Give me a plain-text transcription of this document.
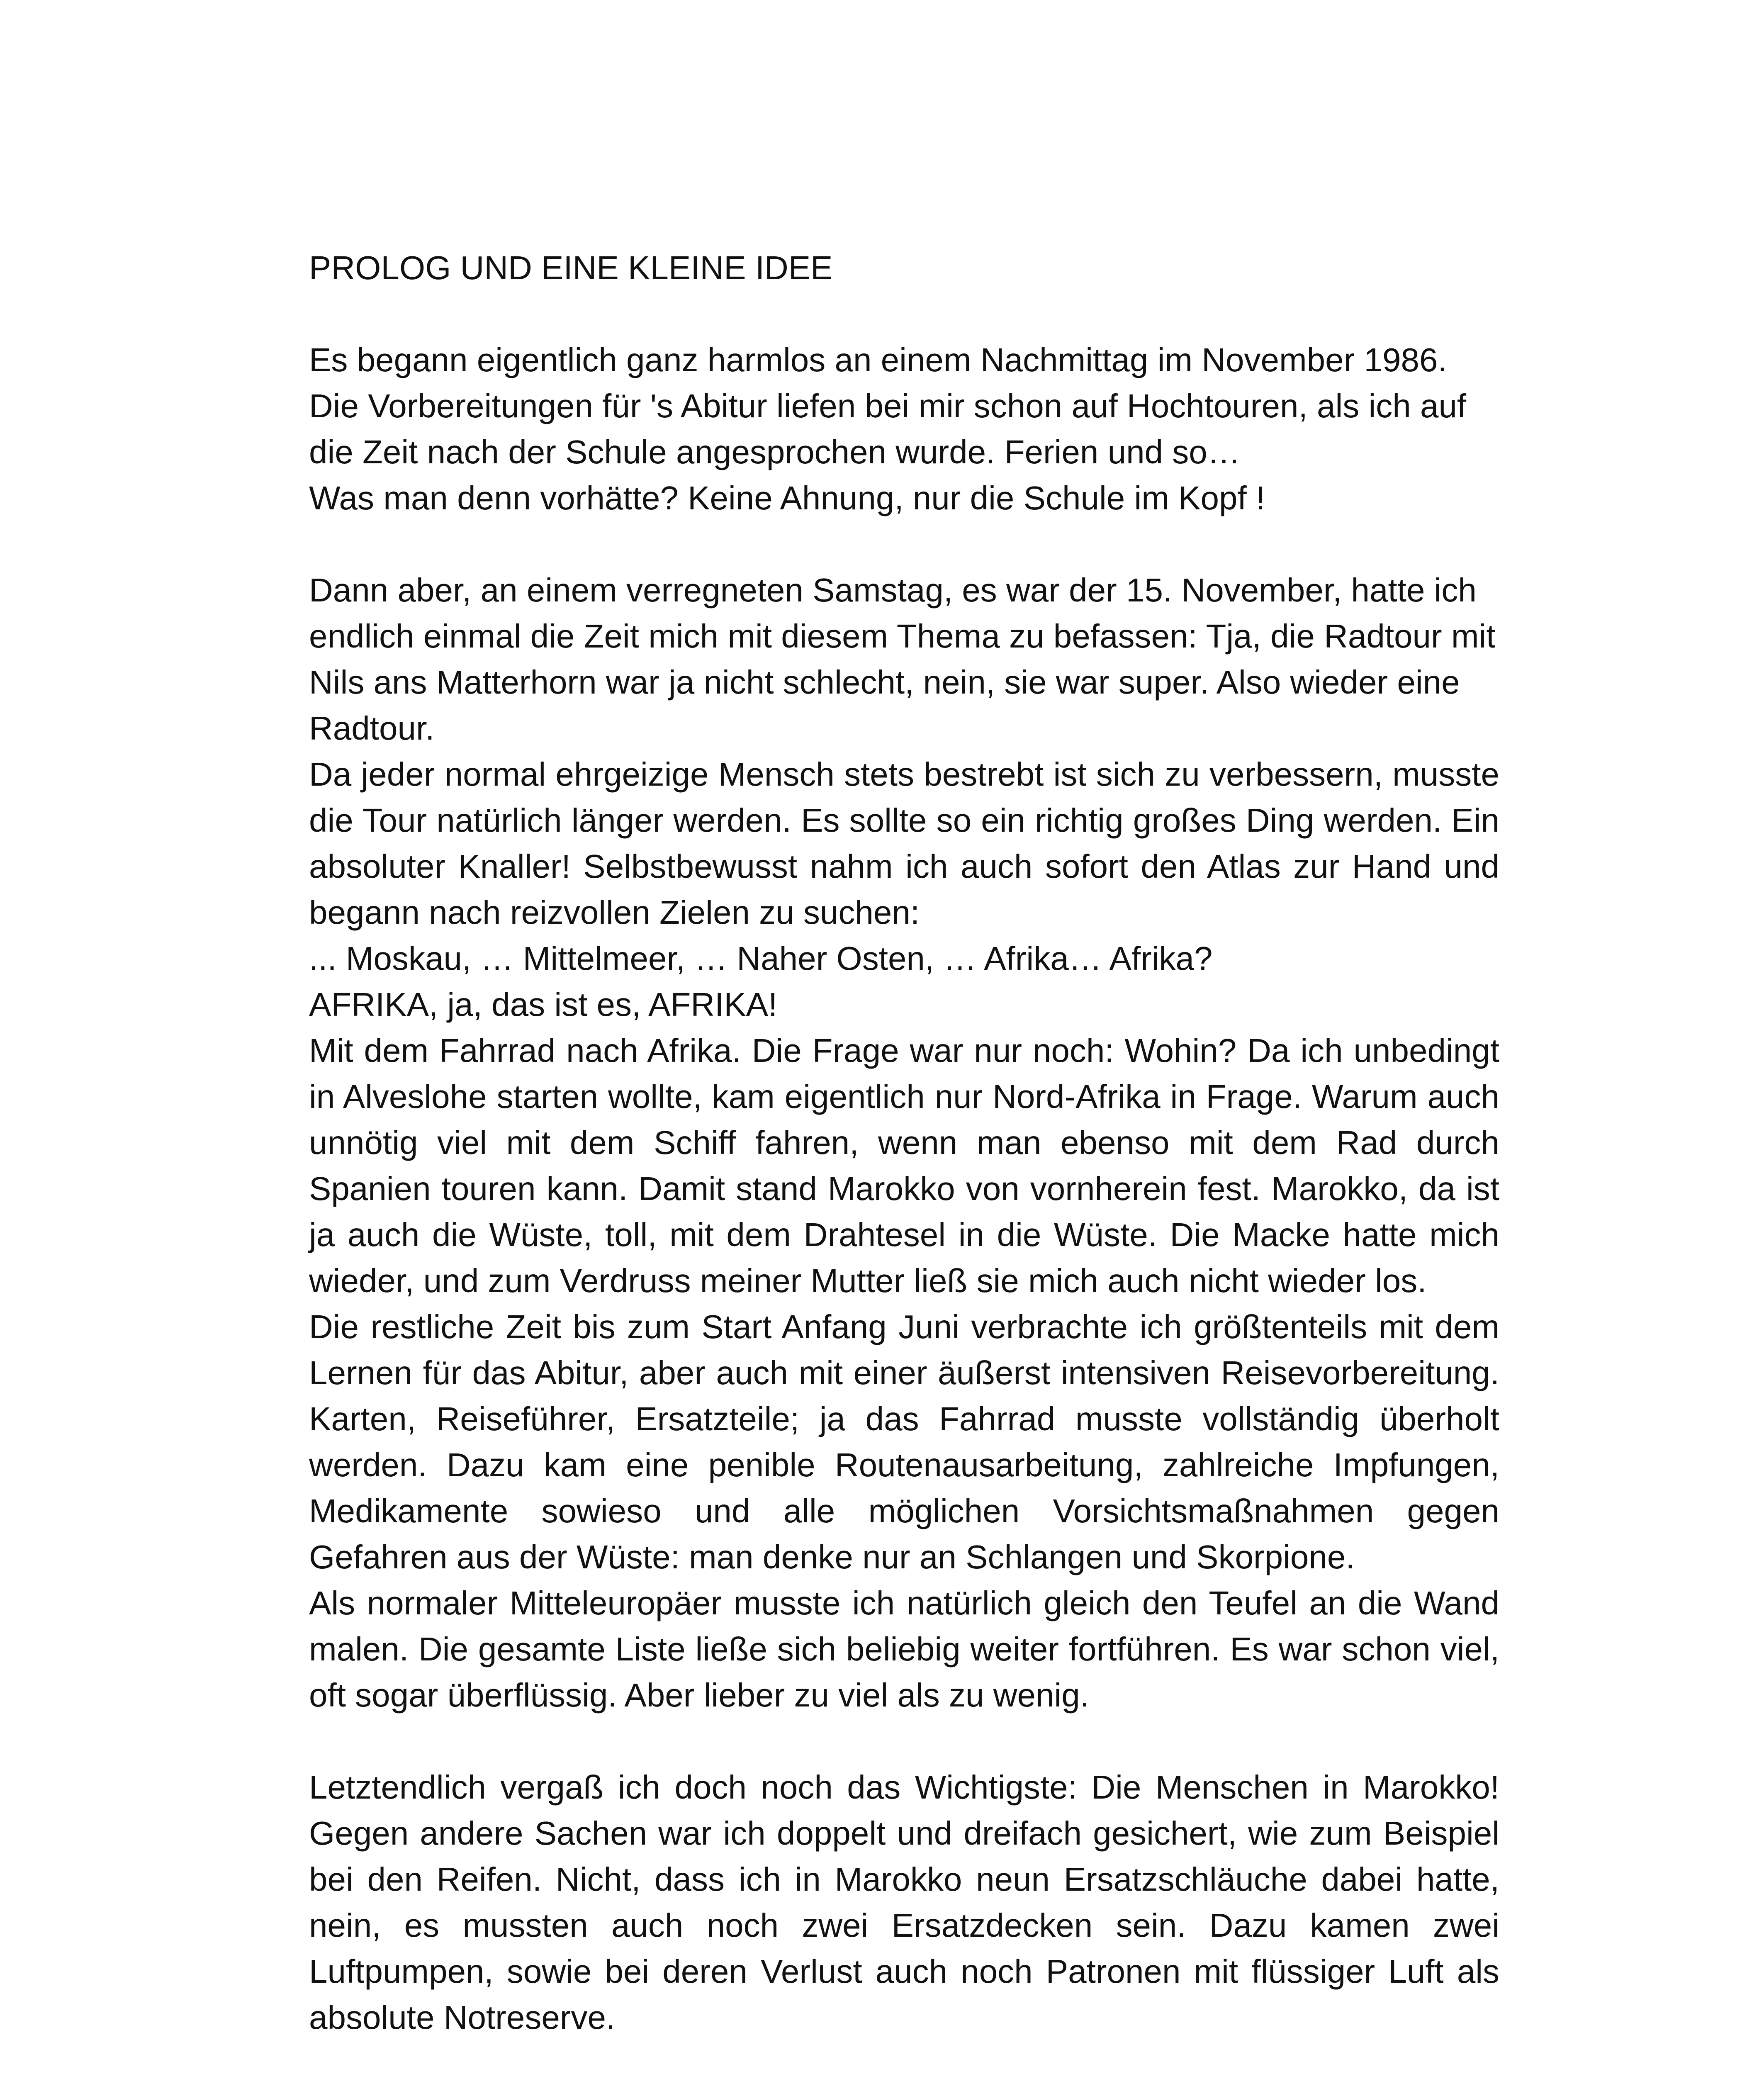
PROLOG UND EINE KLEINE IDEE

Es begann eigentlich ganz harmlos an einem Nachmittag im November 1986. Die Vorbereitungen für 's Abitur liefen bei mir schon auf Hochtouren, als ich auf die Zeit nach der Schule angesprochen wurde. Ferien und so…

Was man denn vorhätte? Keine Ahnung, nur die Schule im Kopf !

Dann aber, an einem verregneten Samstag, es war der 15. November, hatte ich endlich einmal die Zeit mich mit diesem Thema zu befassen: Tja, die Radtour mit Nils ans Matterhorn war ja nicht schlecht, nein, sie war super. Also wieder eine Radtour.

Da jeder normal ehrgeizige Mensch stets bestrebt ist sich zu verbessern, musste die Tour natürlich länger werden. Es sollte so ein richtig großes Ding werden. Ein absoluter Knaller! Selbstbewusst nahm ich auch sofort den Atlas zur Hand und begann nach reizvollen Zielen zu suchen:

... Moskau, … Mittelmeer, … Naher Osten, … Afrika… Afrika?

AFRIKA, ja, das ist es, AFRIKA!

Mit dem Fahrrad nach Afrika. Die Frage war nur noch: Wohin? Da ich unbedingt in Alveslohe starten wollte, kam eigentlich nur Nord-Afrika in Frage. Warum auch unnötig viel mit dem Schiff fahren, wenn man ebenso mit dem Rad durch Spanien touren kann. Damit stand Marokko von vornherein fest. Marokko, da ist ja auch die Wüste, toll, mit dem Drahtesel in die Wüste. Die Macke hatte mich wieder, und zum Verdruss meiner Mutter ließ sie mich auch nicht wieder los.

Die restliche Zeit bis zum Start Anfang Juni verbrachte ich größtenteils mit dem Lernen für das Abitur, aber auch mit einer äußerst intensiven Reisevorbereitung. Karten, Reiseführer, Ersatzteile; ja das Fahrrad musste vollständig überholt werden. Dazu kam eine penible Routenausarbeitung, zahlreiche Impfungen, Medikamente sowieso und alle möglichen Vorsichtsmaßnahmen gegen Gefahren aus der Wüste: man denke nur an Schlangen und Skorpione.

Als normaler Mitteleuropäer musste ich natürlich gleich den Teufel an die Wand malen. Die gesamte Liste ließe sich beliebig weiter fortführen. Es war schon viel, oft sogar überflüssig. Aber lieber zu viel als zu wenig.

Letztendlich vergaß ich doch noch das Wichtigste: Die Menschen in Marokko! Gegen andere Sachen war ich doppelt und dreifach gesichert, wie zum Beispiel bei den Reifen. Nicht, dass ich in Marokko neun Ersatzschläuche dabei hatte, nein, es mussten auch noch zwei Ersatzdecken sein. Dazu kamen zwei Luftpumpen, sowie bei deren Verlust auch noch Patronen mit flüssiger Luft als absolute Notreserve.
